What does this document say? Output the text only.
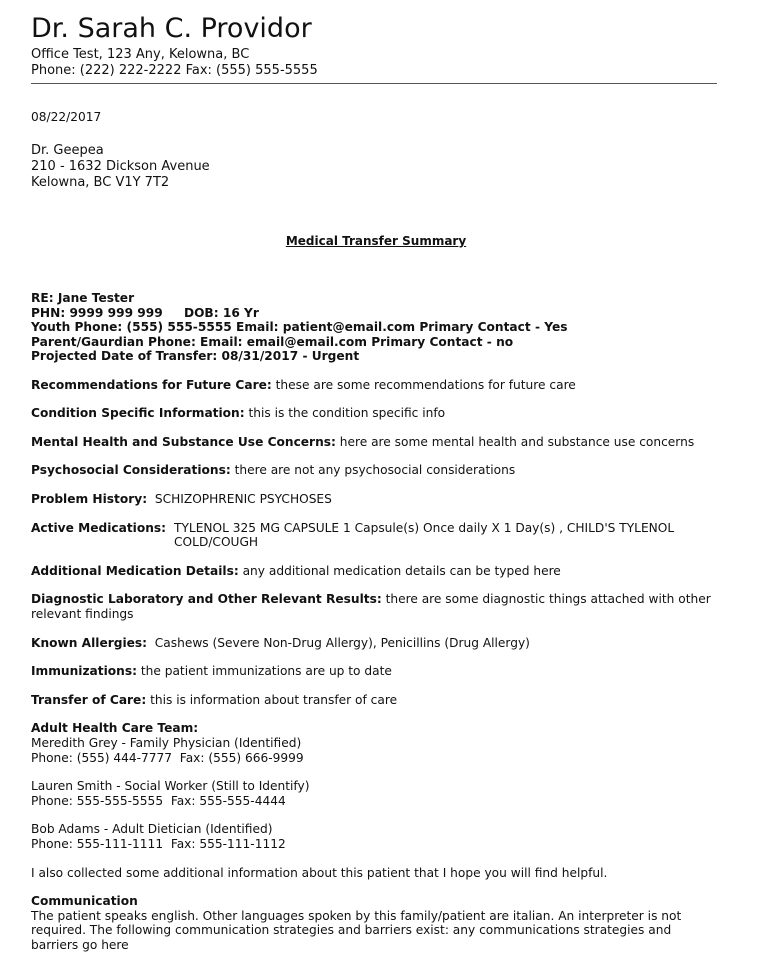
Dr. Sarah C. Providor
Office Test, 123 Any, Kelowna, BC
Phone: (222) 222-2222 Fax: (555) 555-5555
08/22/2017
Dr. Geepea
210 - 1632 Dickson Avenue
Kelowna, BC V1Y 7T2
Medical Transfer Summary
RE: Jane Tester
PHN: 9999 999 999     DOB: 16 Yr
Youth Phone: (555) 555-5555 Email: patient@email.com Primary Contact - Yes
Parent/Gaurdian Phone: Email: email@email.com Primary Contact - no
Projected Date of Transfer: 08/31/2017 - Urgent
Recommendations for Future Care: these are some recommendations for future care
Condition Specific Information: this is the condition specific info
Mental Health and Substance Use Concerns: here are some mental health and substance use concerns
Psychosocial Considerations: there are not any psychosocial considerations
Problem History:  SCHIZOPHRENIC PSYCHOSES
Active Medications: TYLENOL 325 MG CAPSULE 1 Capsule(s) Once daily X 1 Day(s) , CHILD'S TYLENOL COLD/COUGH
Additional Medication Details: any additional medication details can be typed here
Diagnostic Laboratory and Other Relevant Results: there are some diagnostic things attached with other relevant findings
Known Allergies:  Cashews (Severe Non-Drug Allergy), Penicillins (Drug Allergy)
Immunizations: the patient immunizations are up to date
Transfer of Care: this is information about transfer of care
Adult Health Care Team:
Meredith Grey - Family Physician (Identified)
Phone: (555) 444-7777  Fax: (555) 666-9999
Lauren Smith - Social Worker (Still to Identify)
Phone: 555-555-5555  Fax: 555-555-4444
Bob Adams - Adult Dietician (Identified)
Phone: 555-111-1111  Fax: 555-111-1112
I also collected some additional information about this patient that I hope you will find helpful.
Communication
The patient speaks english. Other languages spoken by this family/patient are italian. An interpreter is not required. The following communication strategies and barriers exist: any communications strategies and barriers go here
